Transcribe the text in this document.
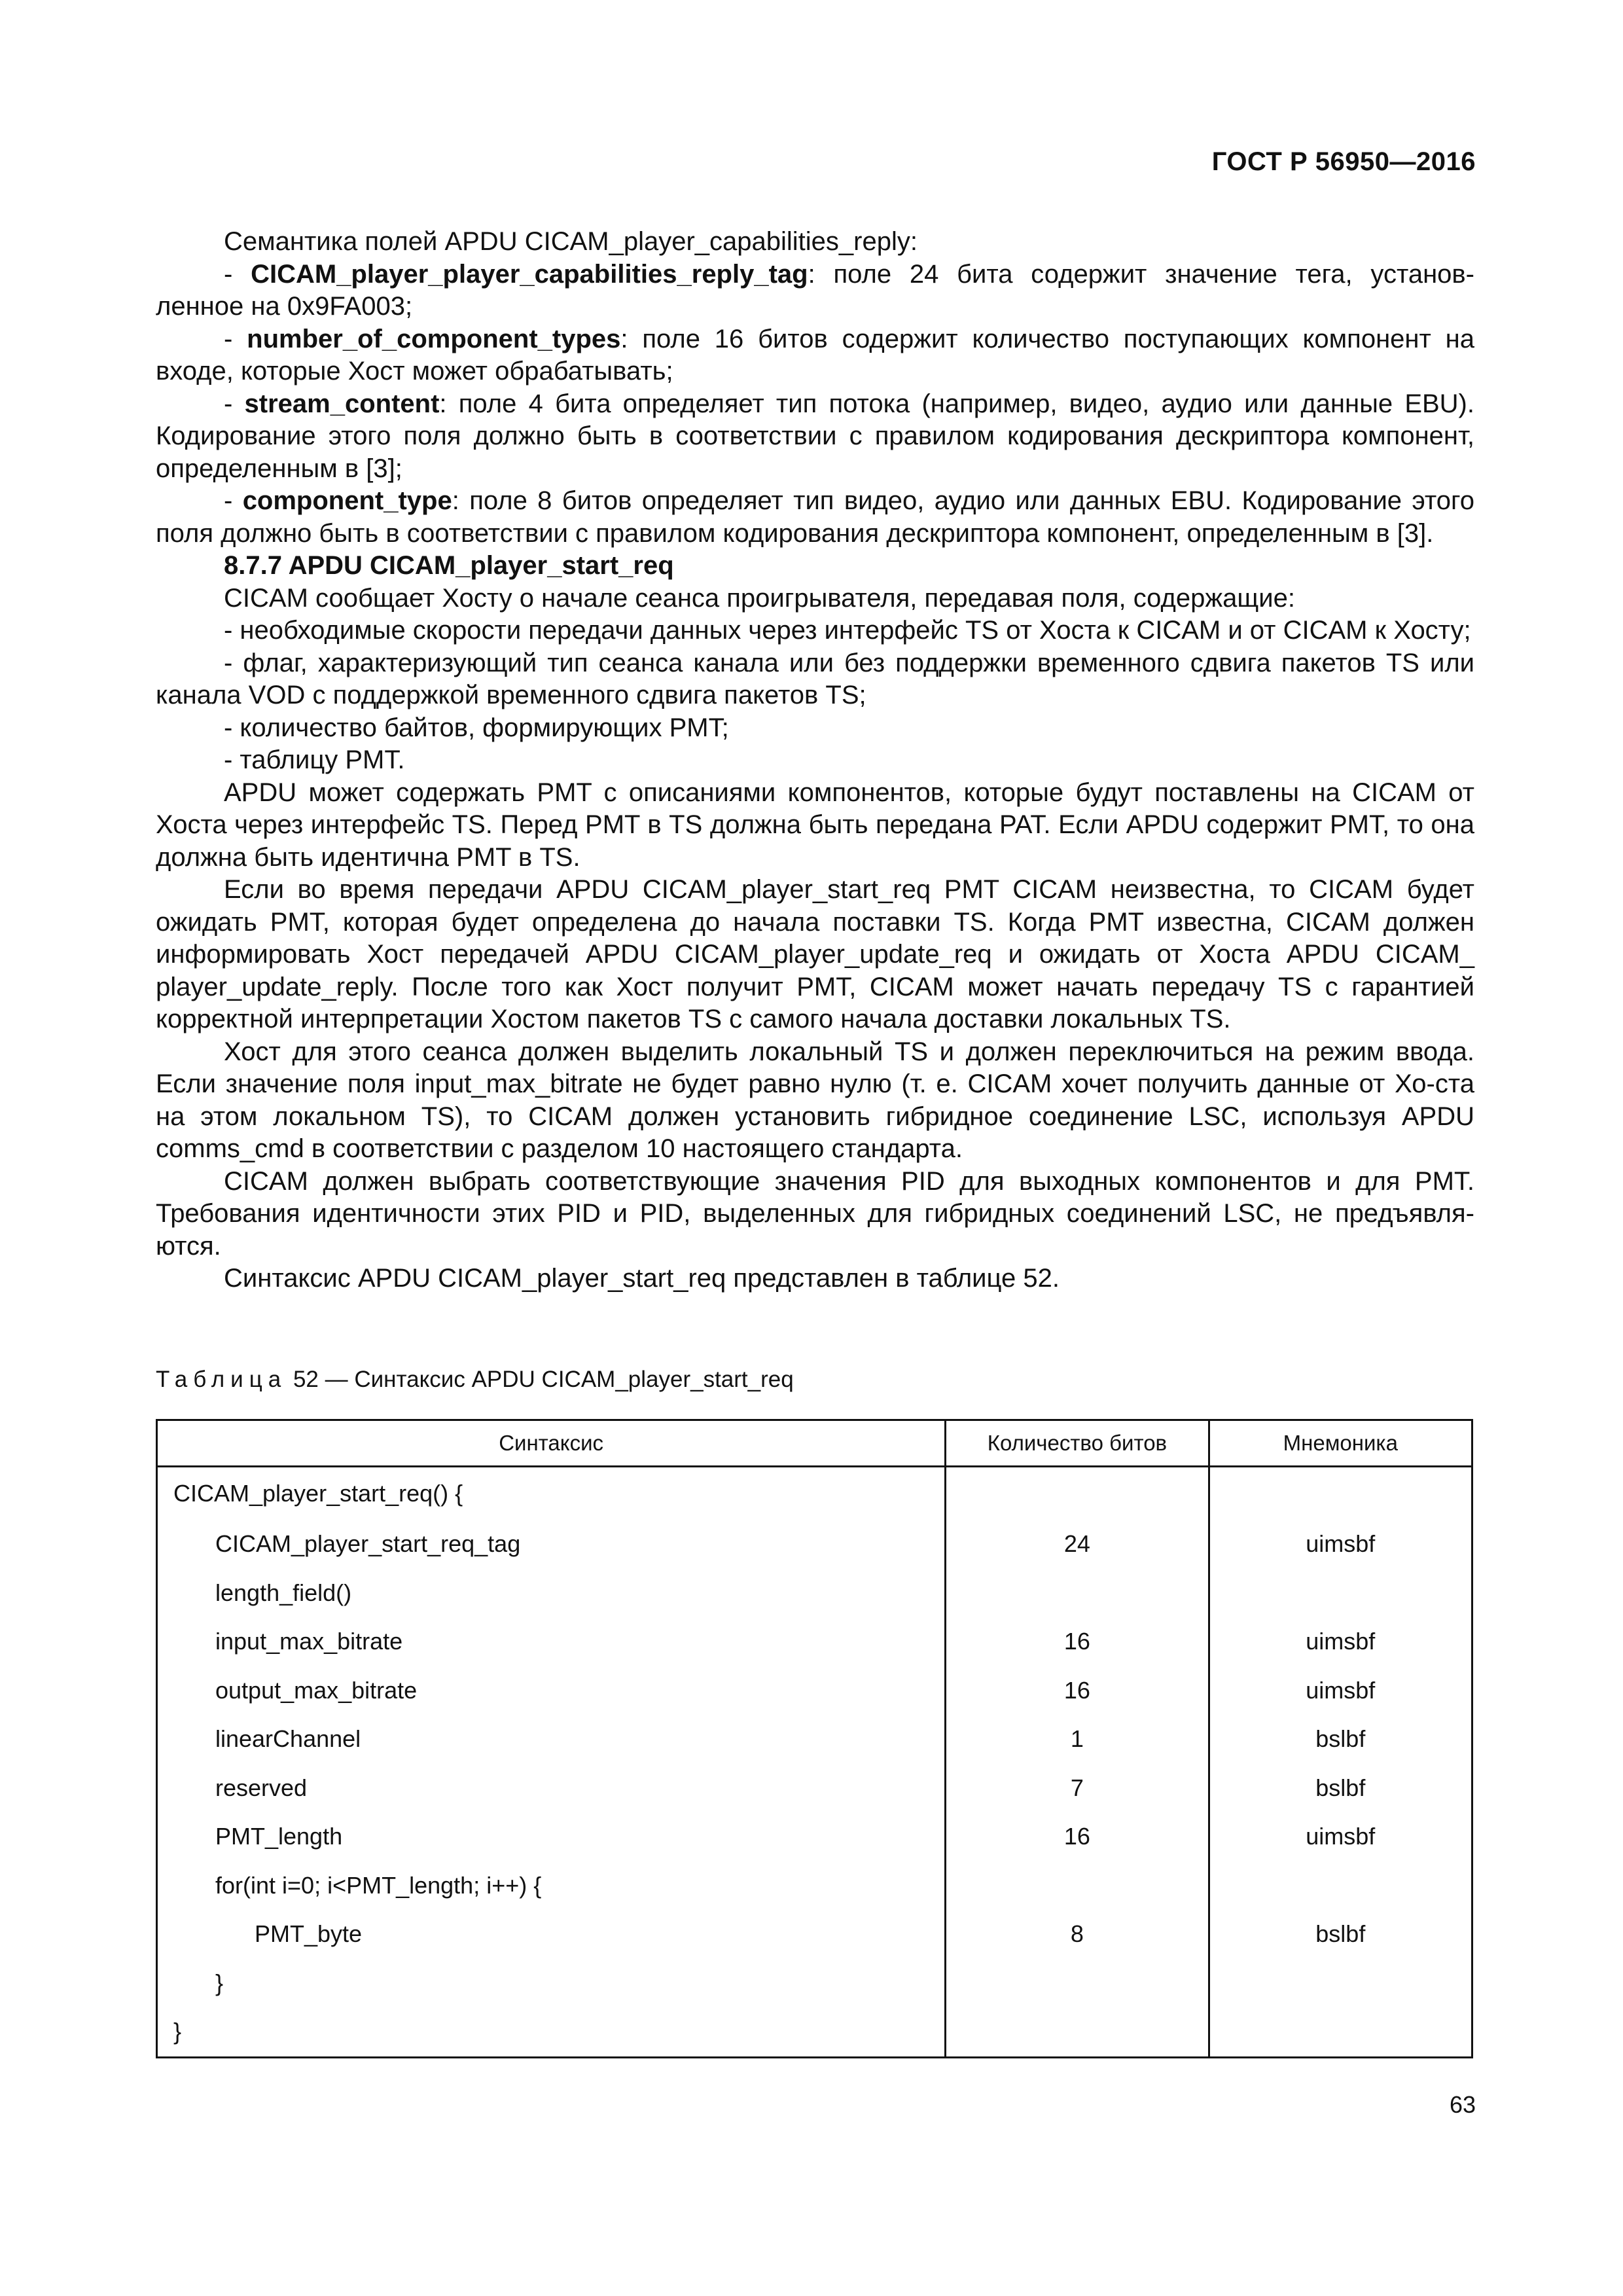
ГОСТ Р 56950—2016

Семантика полей APDU CICAM_player_capabilities_reply:

- CICAM_player_player_capabilities_reply_tag: поле 24 бита содержит значение тега, установ-ленное на 0x9FA003;

- number_of_component_types: поле 16 битов содержит количество поступающих компонент на входе, которые Хост может обрабатывать;

- stream_content: поле 4 бита определяет тип потока (например, видео, аудио или данные EBU). Кодирование этого поля должно быть в соответствии с правилом кодирования дескриптора компонент, определенным в [3];

- component_type: поле 8 битов определяет тип видео, аудио или данных EBU. Кодирование этого поля должно быть в соответствии с правилом кодирования дескриптора компонент, определенным в [3].

8.7.7 APDU CICAM_player_start_req

CICAM сообщает Хосту о начале сеанса проигрывателя, передавая поля, содержащие:

- необходимые скорости передачи данных через интерфейс TS от Хоста к CICAM и от CICAM к Хосту;

- флаг, характеризующий тип сеанса канала или без поддержки временного сдвига пакетов TS или канала VOD с поддержкой временного сдвига пакетов TS;

- количество байтов, формирующих PMT;

- таблицу PMT.

APDU может содержать PMT с описаниями компонентов, которые будут поставлены на CICAM от Хоста через интерфейс TS. Перед PMT в TS должна быть передана PAT. Если APDU содержит PMT, то она должна быть идентична PMT в TS.

Если во время передачи APDU CICAM_player_start_req PMT CICAM неизвестна, то CICAM будет ожидать PMT, которая будет определена до начала поставки TS. Когда PMT известна, CICAM должен информировать Хост передачей APDU CICAM_player_update_req и ожидать от Хоста APDU CICAM_ player_update_reply. После того как Хост получит PMT, CICAM может начать передачу TS с гарантией корректной интерпретации Хостом пакетов TS с самого начала доставки локальных TS.

Хост для этого сеанса должен выделить локальный TS и должен переключиться на режим ввода. Если значение поля input_max_bitrate не будет равно нулю (т. е. CICAM хочет получить данные от Хо-ста на этом локальном TS), то CICAM должен установить гибридное соединение LSC, используя APDU comms_cmd в соответствии с разделом 10 настоящего стандарта.

CICAM должен выбрать соответствующие значения PID для выходных компонентов и для PMT. Требования идентичности этих PID и PID, выделенных для гибридных соединений LSC, не предъявля-ются.

Синтаксис APDU CICAM_player_start_req представлен в таблице 52.

Таблица 52 — Синтаксис APDU CICAM_player_start_req
Синтаксис	Количество битов	Мнемоника
CICAM_player_start_req() {		

CICAM_player_start_req_tag	24	uimsbf

length_field()		

input_max_bitrate	16	uimsbf

output_max_bitrate	16	uimsbf

linearChannel	1	bslbf

reserved	7	bslbf

PMT_length	16	uimsbf

for(int i=0; i<PMT_length; i++) {		

PMT_byte	8	bslbf

}		

}		

63
